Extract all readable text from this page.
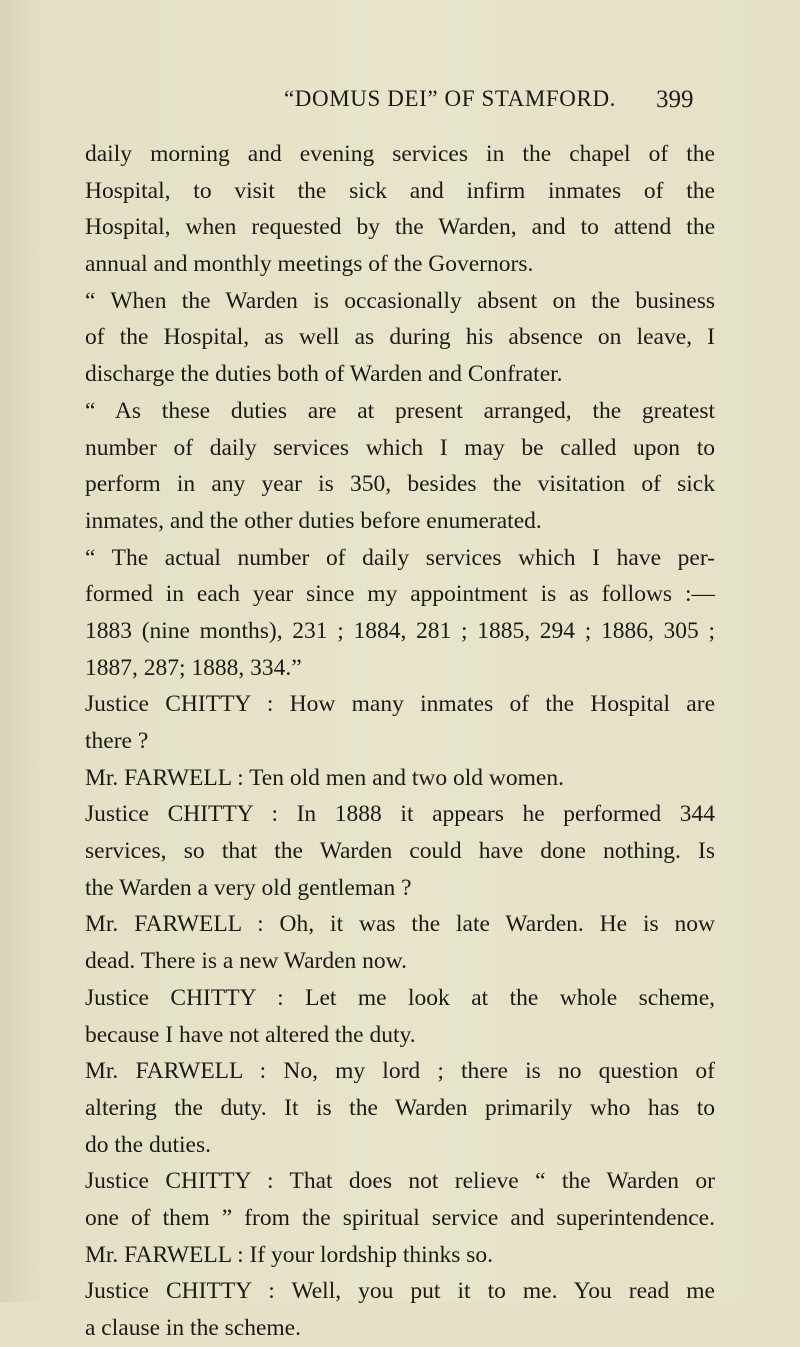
“DOMUS DEI” OF STAMFORD. 399
daily morning and evening services in the chapel of the
Hospital, to visit the sick and infirm inmates of the
Hospital, when requested by the Warden, and to attend the
annual and monthly meetings of the Governors.
“ When the Warden is occasionally absent on the business
of the Hospital, as well as during his absence on leave, I
discharge the duties both of Warden and Confrater.
“ As these duties are at present arranged, the greatest
number of daily services which I may be called upon to
perform in any year is 350, besides the visitation of sick
inmates, and the other duties before enumerated.
“ The actual number of daily services which I have per-
formed in each year since my appointment is as follows :—
1883 (nine months), 231 ; 1884, 281 ; 1885, 294 ; 1886, 305 ;
1887, 287; 1888, 334.”
Justice CHITTY : How many inmates of the Hospital are
there ?
Mr. FARWELL : Ten old men and two old women.
Justice CHITTY : In 1888 it appears he performed 344
services, so that the Warden could have done nothing. Is
the Warden a very old gentleman ?
Mr. FARWELL : Oh, it was the late Warden. He is now
dead. There is a new Warden now.
Justice CHITTY : Let me look at the whole scheme,
because I have not altered the duty.
Mr. FARWELL : No, my lord ; there is no question of
altering the duty. It is the Warden primarily who has to
do the duties.
Justice CHITTY : That does not relieve “ the Warden or
one of them ” from the spiritual service and superintendence.
Mr. FARWELL : If your lordship thinks so.
Justice CHITTY : Well, you put it to me. You read me
a clause in the scheme.
